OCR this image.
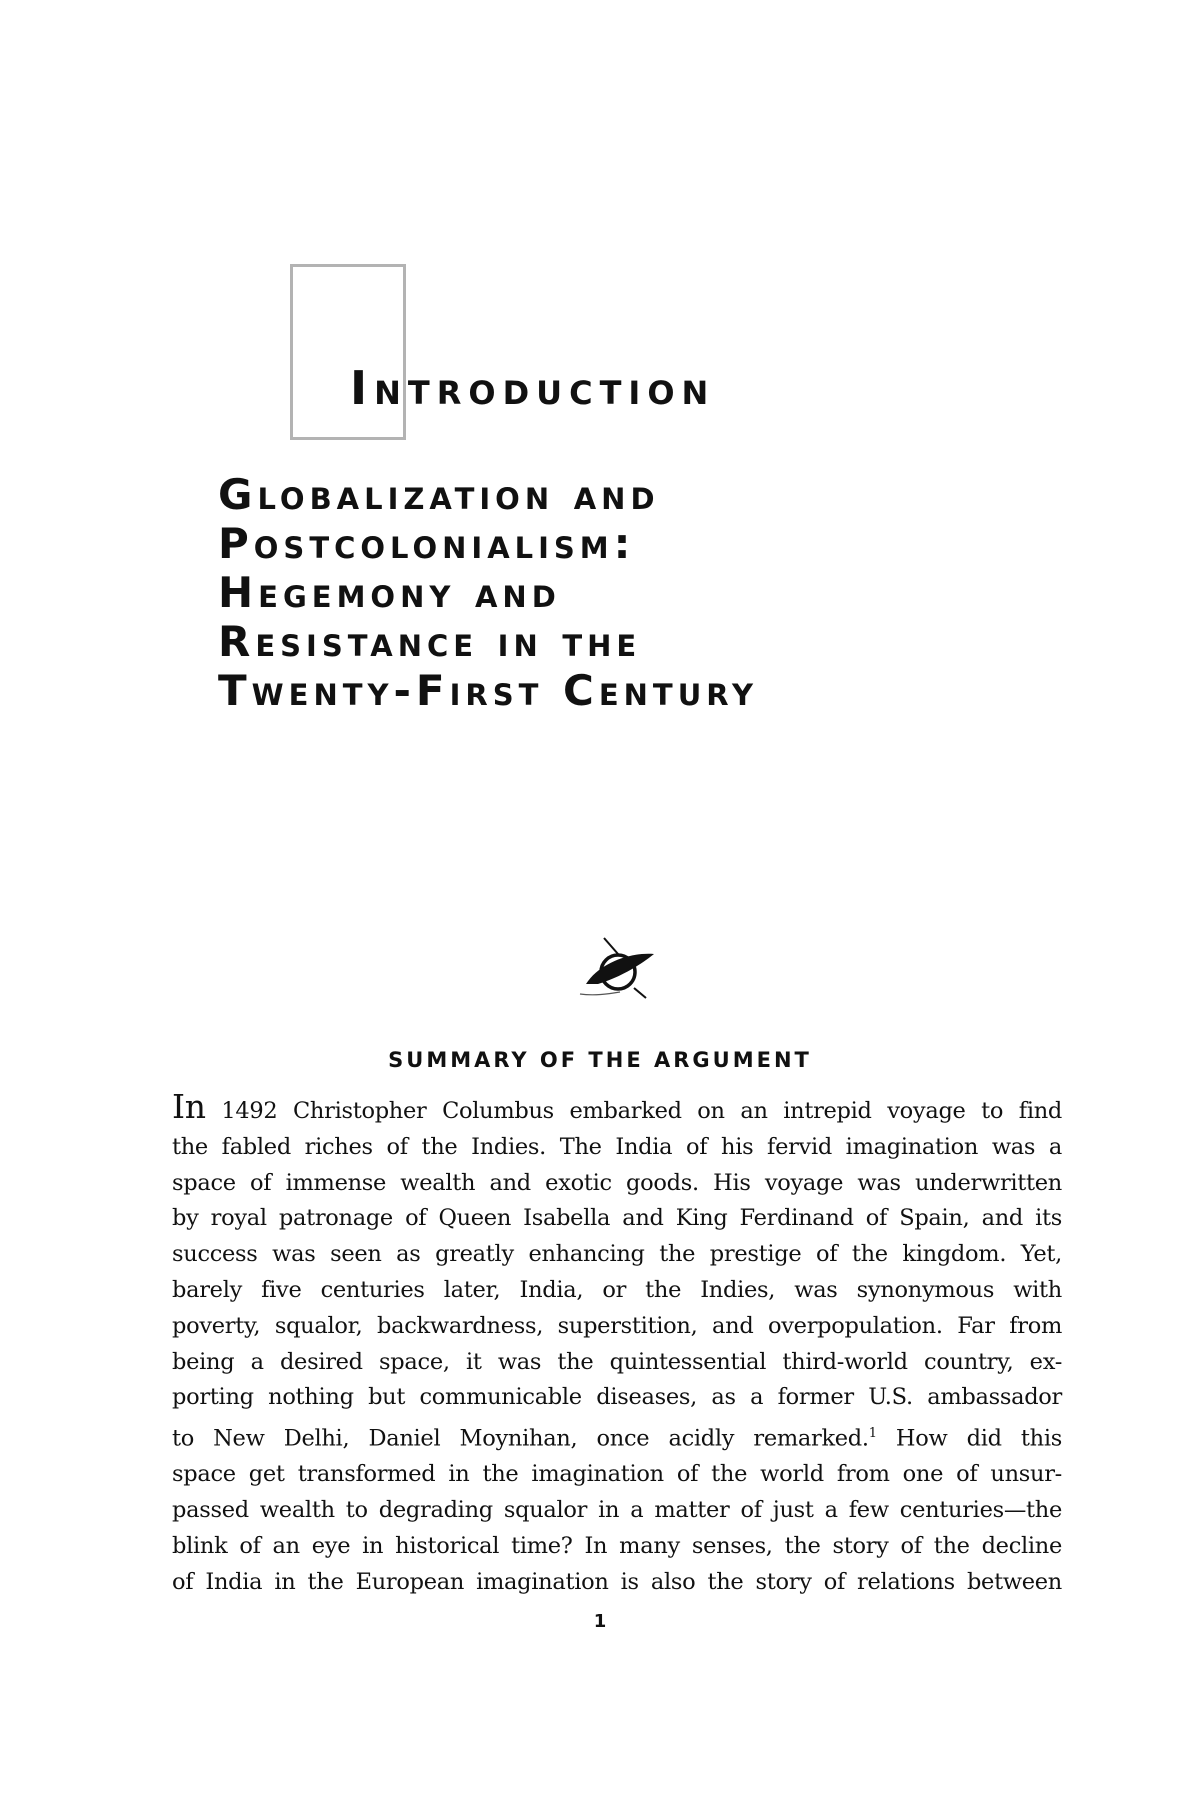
Introduction
Globalization and
Postcolonialism:
Hegemony and
Resistance in the
Twenty-First Century
SUMMARY OF THE ARGUMENT
In 1492 Christopher Columbus embarked on an intrepid voyage to find
the fabled riches of the Indies. The India of his fervid imagination was a
space of immense wealth and exotic goods. His voyage was underwritten
by royal patronage of Queen Isabella and King Ferdinand of Spain, and its
success was seen as greatly enhancing the prestige of the kingdom. Yet,
barely five centuries later, India, or the Indies, was synonymous with
poverty, squalor, backwardness, superstition, and overpopulation. Far from
being a desired space, it was the quintessential third-world country, ex-
porting nothing but communicable diseases, as a former U.S. ambassador
to New Delhi, Daniel Moynihan, once acidly remarked.$^1$ How did this
space get transformed in the imagination of the world from one of unsur-
passed wealth to degrading squalor in a matter of just a few centuries—the
blink of an eye in historical time? In many senses, the story of the decline
of India in the European imagination is also the story of relations between
1
